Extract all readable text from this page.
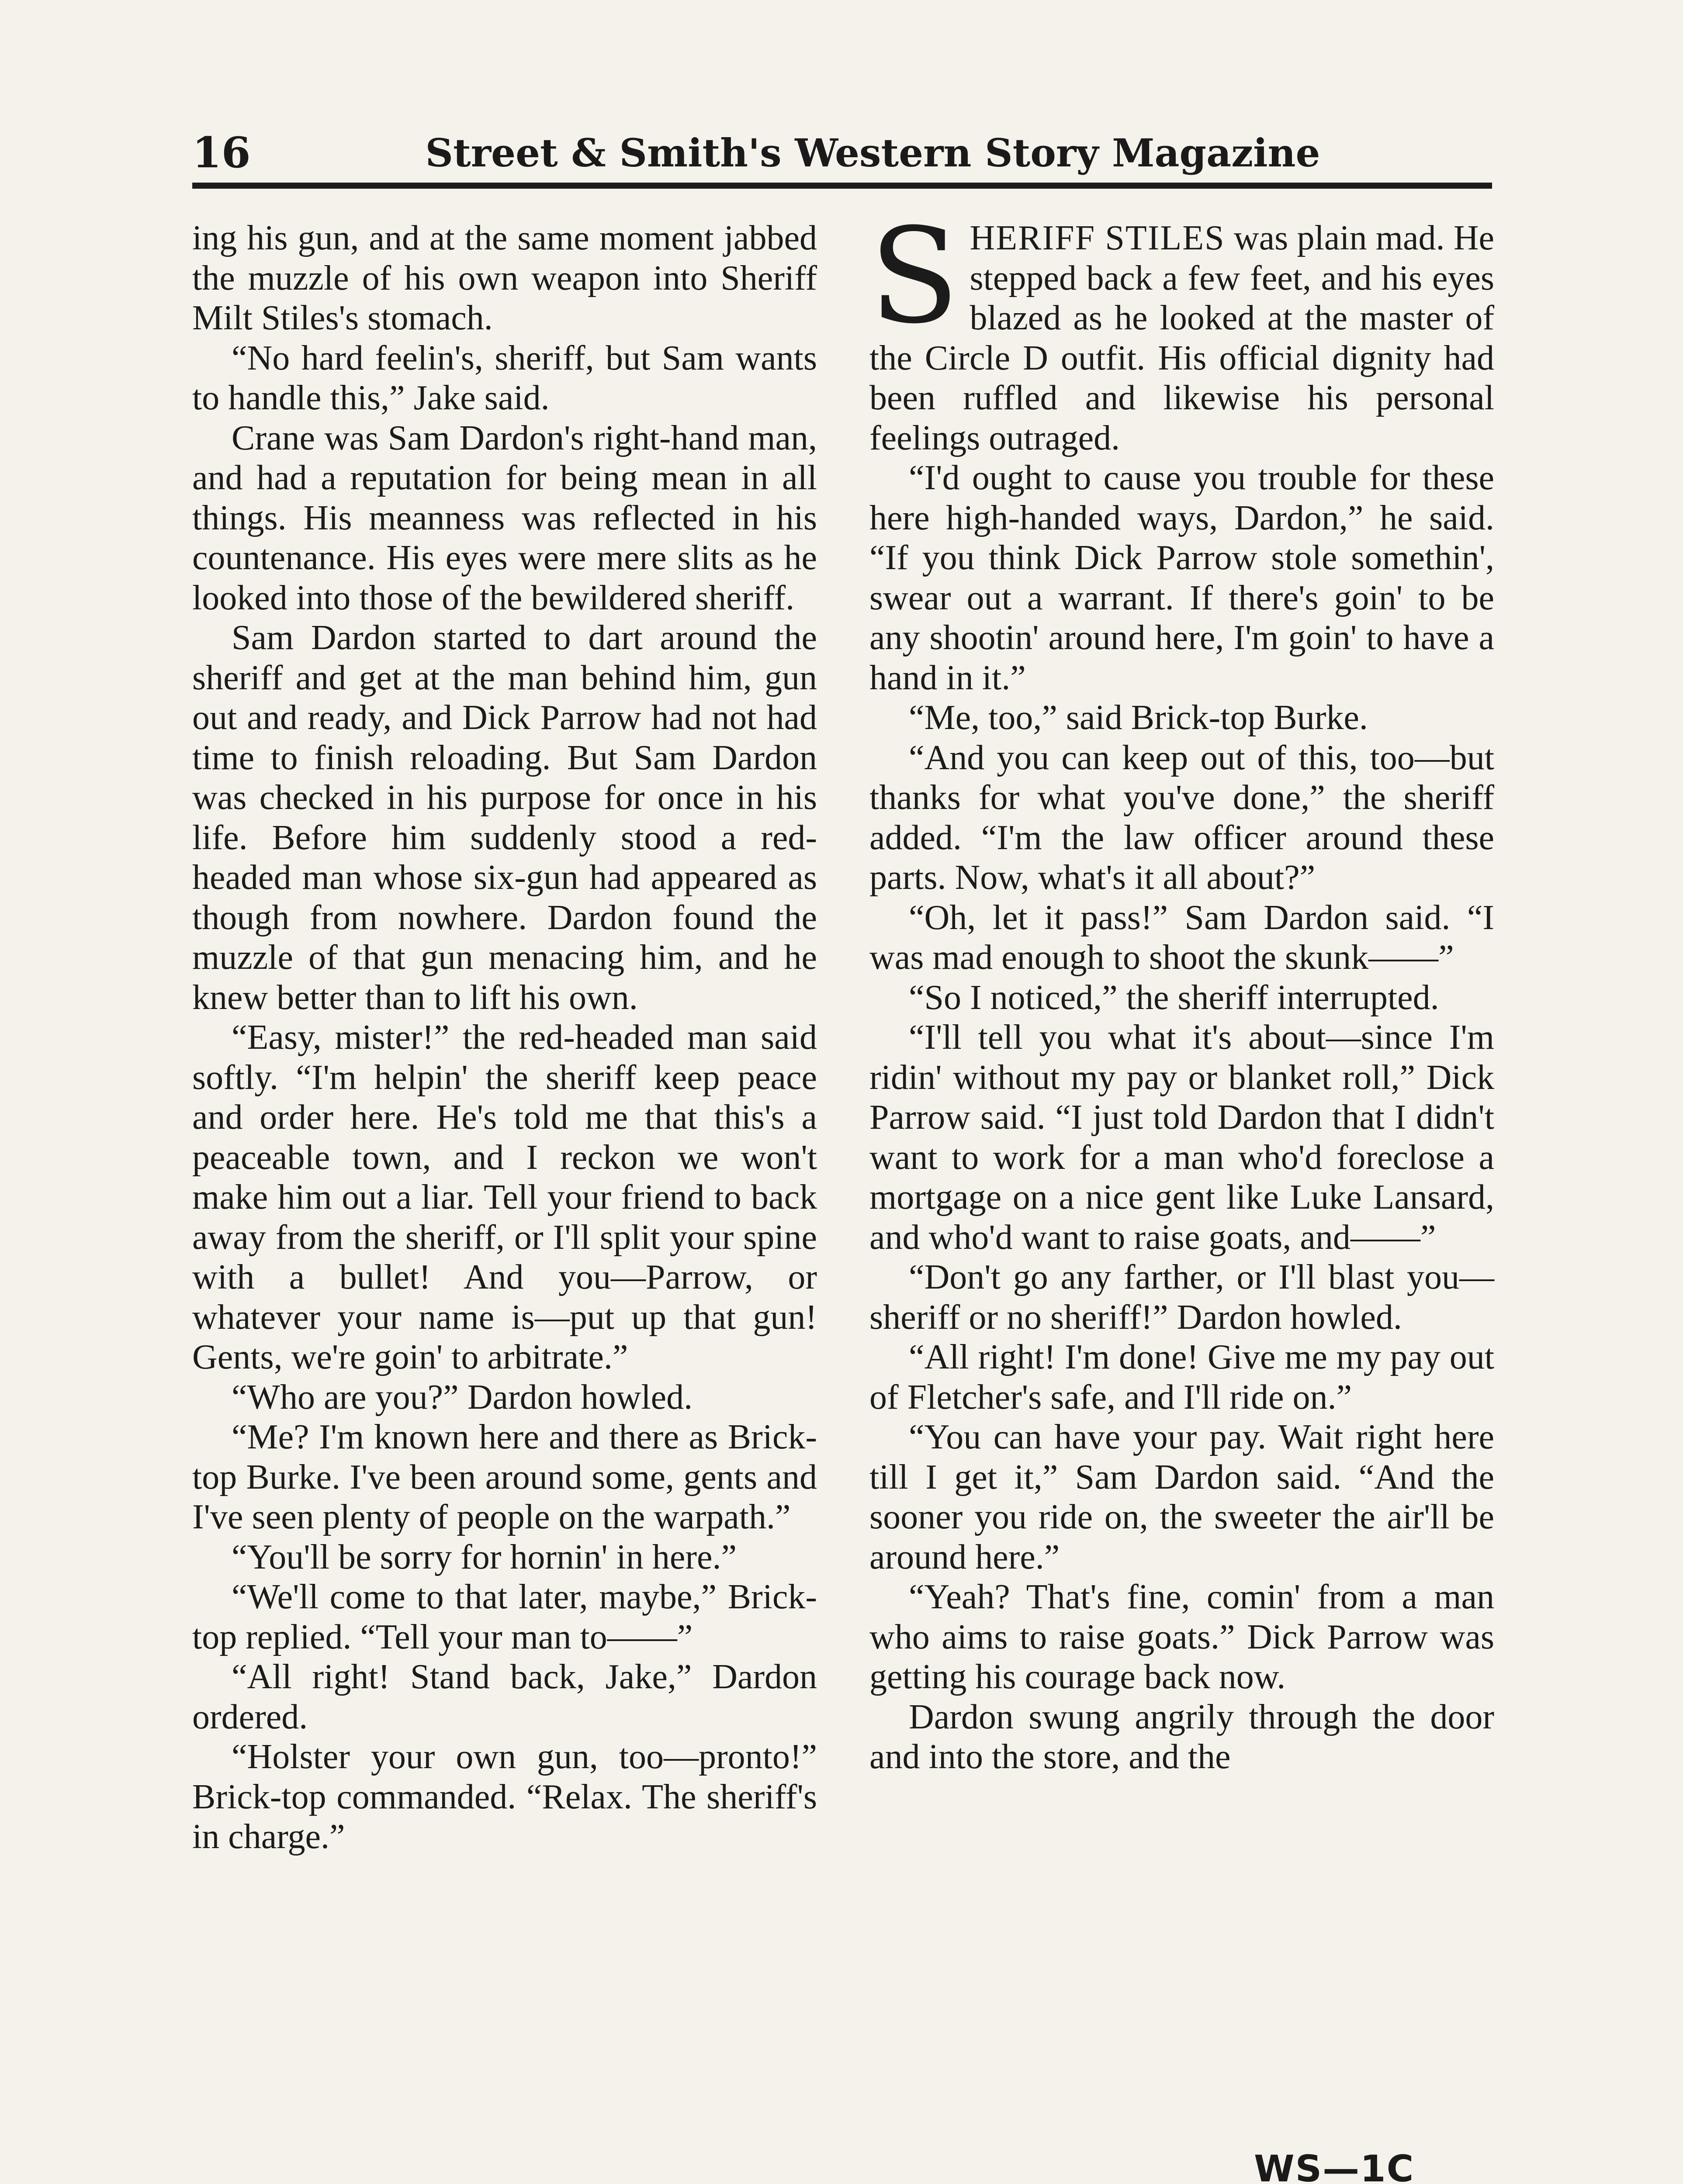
16	Street & Smith's Western Story Magazine

ing his gun, and at the same moment jabbed the muzzle of his own weapon into Sheriff Milt Stiles's stomach.

“No hard feelin's, sheriff, but Sam wants to handle this,” Jake said.

Crane was Sam Dardon's right-hand man, and had a reputation for being mean in all things. His meanness was reflected in his countenance. His eyes were mere slits as he looked into those of the bewildered sheriff.

Sam Dardon started to dart around the sheriff and get at the man behind him, gun out and ready, and Dick Parrow had not had time to finish reloading. But Sam Dardon was checked in his purpose for once in his life. Before him suddenly stood a red-headed man whose six-gun had appeared as though from nowhere. Dardon found the muzzle of that gun menacing him, and he knew better than to lift his own.

“Easy, mister!” the red-headed man said softly. “I'm helpin' the sheriff keep peace and order here. He's told me that this's a peaceable town, and I reckon we won't make him out a liar. Tell your friend to back away from the sheriff, or I'll split your spine with a bullet! And you—Parrow, or whatever your name is—put up that gun! Gents, we're goin' to arbitrate.”

“Who are you?” Dardon howled.

“Me? I'm known here and there as Brick-top Burke. I've been around some, gents and I've seen plenty of people on the warpath.”

“You'll be sorry for hornin' in here.”

“We'll come to that later, maybe,” Brick-top replied. “Tell your man to——”

“All right! Stand back, Jake,” Dardon ordered.

“Holster your own gun, too—pronto!” Brick-top commanded. “Relax. The sheriff's in charge.”

SHERIFF STILES was plain mad. He stepped back a few feet, and his eyes blazed as he looked at the master of the Circle D outfit. His official dignity had been ruffled and likewise his personal feelings outraged.

“I'd ought to cause you trouble for these here high-handed ways, Dardon,” he said. “If you think Dick Parrow stole somethin', swear out a warrant. If there's goin' to be any shootin' around here, I'm goin' to have a hand in it.”

“Me, too,” said Brick-top Burke.

“And you can keep out of this, too—but thanks for what you've done,” the sheriff added. “I'm the law officer around these parts. Now, what's it all about?”

“Oh, let it pass!” Sam Dardon said. “I was mad enough to shoot the skunk——”

“So I noticed,” the sheriff interrupted.

“I'll tell you what it's about—since I'm ridin' without my pay or blanket roll,” Dick Parrow said. “I just told Dardon that I didn't want to work for a man who'd foreclose a mortgage on a nice gent like Luke Lansard, and who'd want to raise goats, and——”

“Don't go any farther, or I'll blast you—sheriff or no sheriff!” Dardon howled.

“All right! I'm done! Give me my pay out of Fletcher's safe, and I'll ride on.”

“You can have your pay. Wait right here till I get it,” Sam Dardon said. “And the sooner you ride on, the sweeter the air'll be around here.”

“Yeah? That's fine, comin' from a man who aims to raise goats.” Dick Parrow was getting his courage back now.

Dardon swung angrily through the door and into the store, and the

WS—1C
